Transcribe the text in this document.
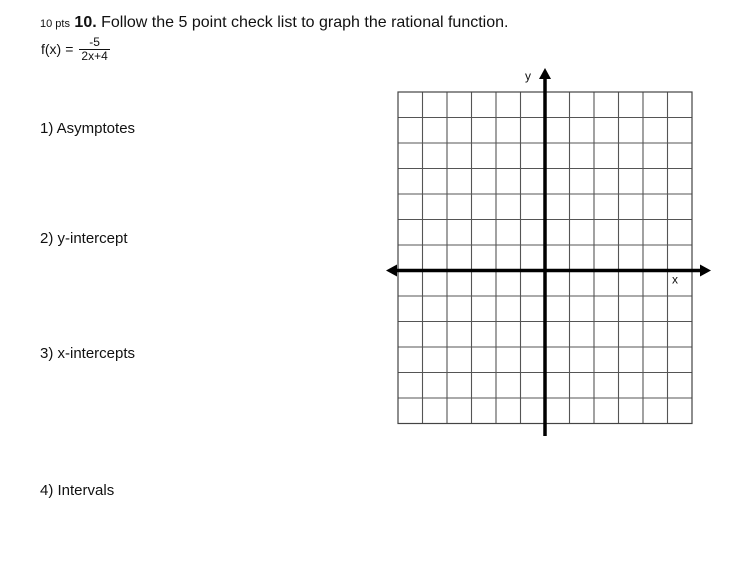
10 pts 10. Follow the 5 point check list to graph the rational function.
$f(x) = \frac{-5}{2x+4}$
1) Asymptotes
2) y-intercept
3) x-intercepts
4) Intervals
y
x
